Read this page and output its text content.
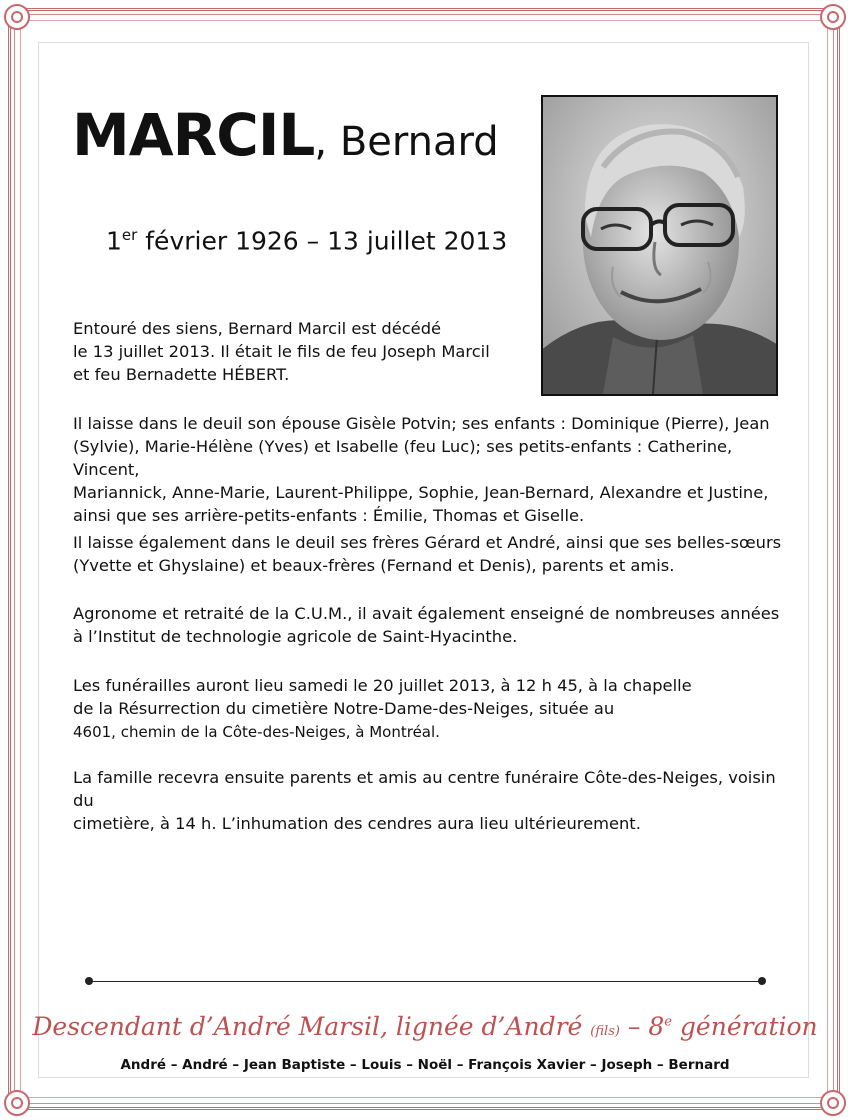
MARCIL, Bernard
1er février 1926 – 13 juillet 2013

Entouré des siens, Bernard Marcil est décédé
le 13 juillet 2013. Il était le fils de feu Joseph Marcil
et feu Bernadette HÉBERT.

Il laisse dans le deuil son épouse Gisèle Potvin; ses enfants : Dominique (Pierre), Jean
(Sylvie), Marie-Hélène (Yves) et Isabelle (feu Luc); ses petits-enfants : Catherine, Vincent,
Mariannick, Anne-Marie, Laurent-Philippe, Sophie, Jean-Bernard, Alexandre et Justine,
ainsi que ses arrière-petits-enfants : Émilie, Thomas et Giselle.

Il laisse également dans le deuil ses frères Gérard et André, ainsi que ses belles-sœurs
(Yvette et Ghyslaine) et beaux-frères (Fernand et Denis), parents et amis.

Agronome et retraité de la C.U.M., il avait également enseigné de nombreuses années
à l’Institut de technologie agricole de Saint-Hyacinthe.

Les funérailles auront lieu samedi le 20 juillet 2013, à 12 h 45, à la chapelle
de la Résurrection du cimetière Notre-Dame-des-Neiges, située au
4601, chemin de la Côte-des-Neiges, à Montréal.

La famille recevra ensuite parents et amis au centre funéraire Côte-des-Neiges, voisin du
cimetière, à 14 h. L’inhumation des cendres aura lieu ultérieurement.

Descendant d’André Marsil, lignée d’André (fils) – 8e génération
André – André – Jean Baptiste – Louis – Noël – François Xavier – Joseph – Bernard
